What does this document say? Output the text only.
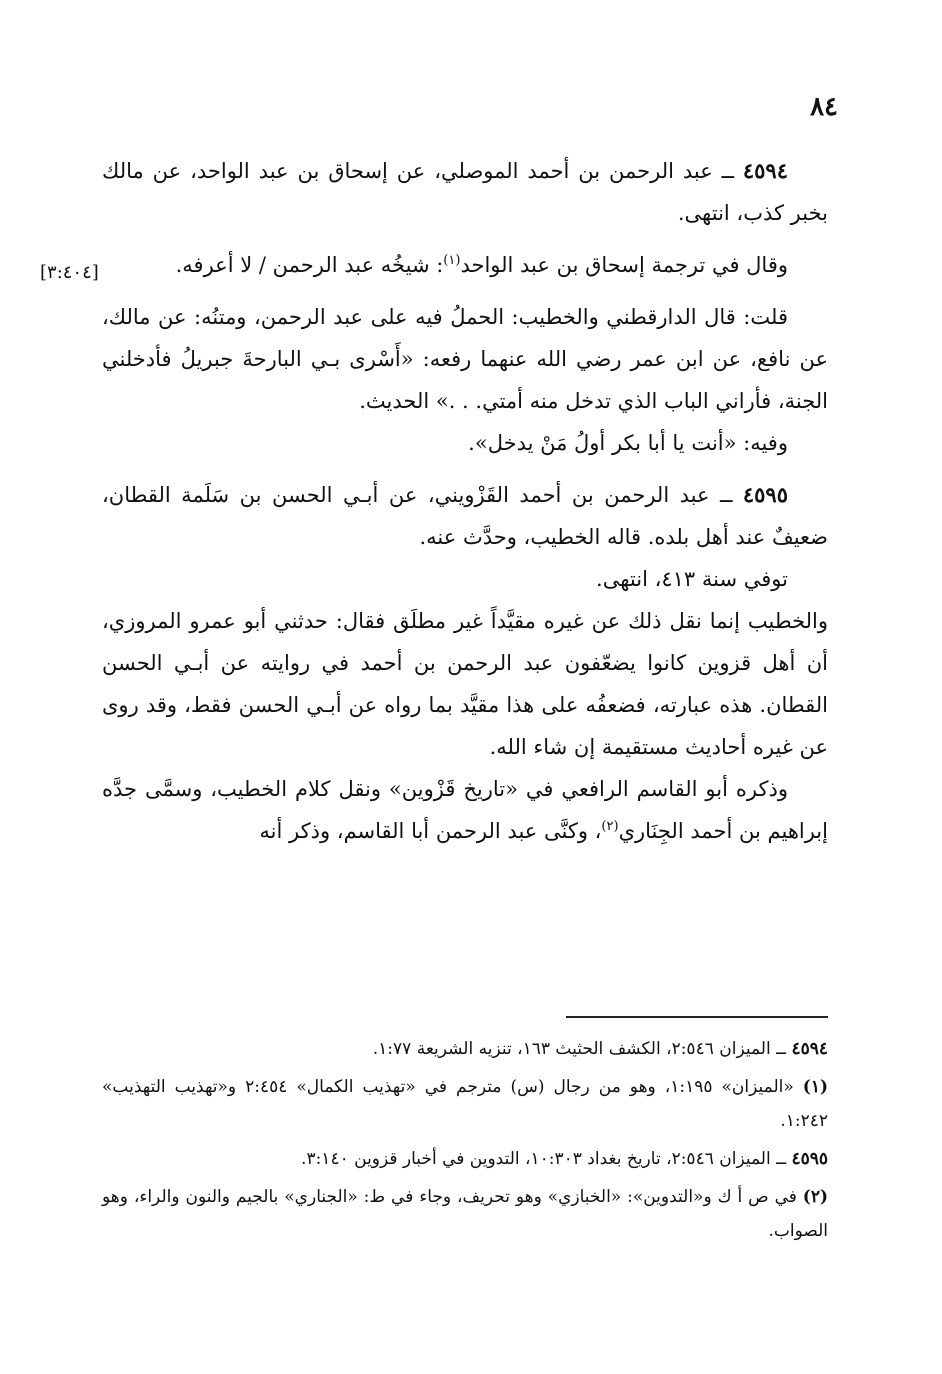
٨٤
[٣:٤٠٤]

٤٥٩٤ ــ عبد الرحمن بن أحمد الموصلي، عن إسحاق بن عبد الواحد، عن مالك بخبر كذب، انتهى.

وقال في ترجمة إسحاق بن عبد الواحد$^{(١)}$: شيخُه عبد الرحمن / لا أعرفه.

قلت: قال الدارقطني والخطيب: الحملُ فيه على عبد الرحمن، ومتنُه: عن مالك، عن نافع، عن ابن عمر رضي الله عنهما رفعه: «أَسْرى بـي البارحةَ جبريلُ فأدخلني الجنة، فأراني الباب الذي تدخل منه أمتي. . .» الحديث.

وفيه: «أنت يا أبا بكر أولُ مَنْ يدخل».

٤٥٩٥ ــ عبد الرحمن بن أحمد القَزْويني، عن أبـي الحسن بن سَلَمة القطان، ضعيفٌ عند أهل بلده. قاله الخطيب، وحدَّث عنه.

توفي سنة ٤١٣، انتهى.

والخطيب إنما نقل ذلك عن غيره مقيَّداً غير مطلَق فقال: حدثني أبو عمرو المروزي، أن أهل قزوين كانوا يضعّفون عبد الرحمن بن أحمد في روايته عن أبـي الحسن القطان. هذه عبارته، فضعفُه على هذا مقيَّد بما رواه عن أبـي الحسن فقط، وقد روى عن غيره أحاديث مستقيمة إن شاء الله.

وذكره أبو القاسم الرافعي في «تاريخ قَزْوين» ونقل كلام الخطيب، وسمَّى جدَّه إبراهيم بن أحمد الجِنَاري$^{(٢)}$، وكنَّى عبد الرحمن أبا القاسم، وذكر أنه

٤٥٩٤ ــ الميزان ٢:٥٤٦، الكشف الحثيث ١٦٣، تنزيه الشريعة ١:٧٧.

(١) «الميزان» ١:١٩٥، وهو من رجال (س) مترجم في «تهذيب الكمال» ٢:٤٥٤ و«تهذيب التهذيب» ١:٢٤٢.

٤٥٩٥ ــ الميزان ٢:٥٤٦، تاريخ بغداد ١٠:٣٠٣، التدوين في أخبار قزوين ٣:١٤٠.

(٢) في ص أ ك و«التدوين»: «الخبازي» وهو تحريف، وجاء في ط: «الجناري» بالجيم والنون والراء، وهو الصواب.
